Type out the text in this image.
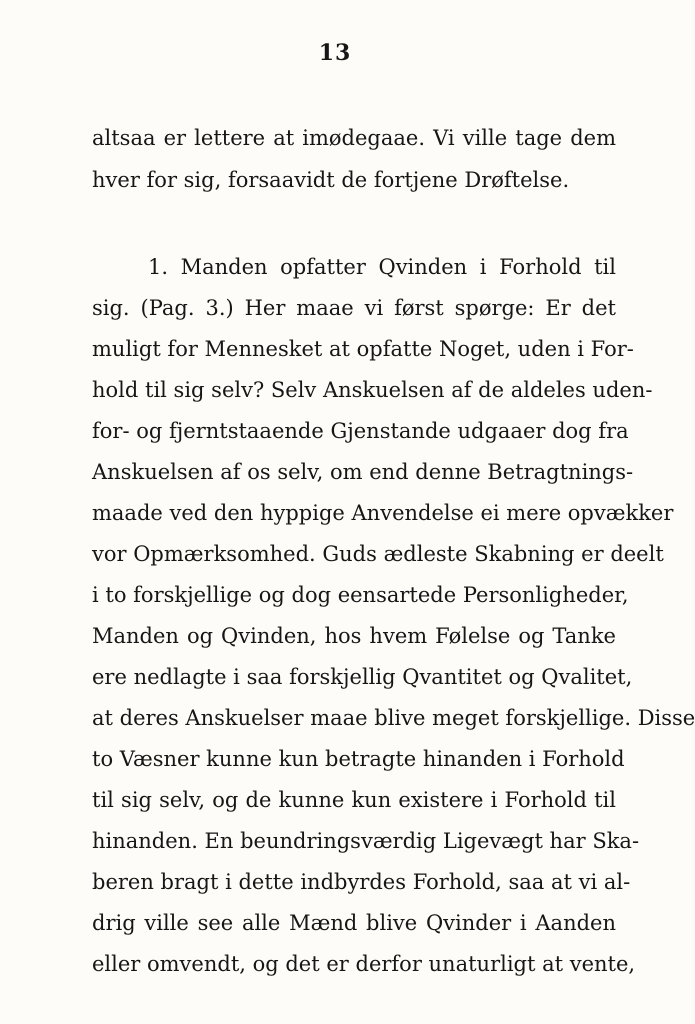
13
altsaa er lettere at imødegaae. Vi ville tage dem
hver for sig, forsaavidt de fortjene Drøftelse.
1. Manden opfatter Qvinden i Forhold til
sig. (Pag. 3.) Her maae vi først spørge: Er det
muligt for Mennesket at opfatte Noget, uden i For-
hold til sig selv? Selv Anskuelsen af de aldeles uden-
for- og fjerntstaaende Gjenstande udgaaer dog fra
Anskuelsen af os selv, om end denne Betragtnings-
maade ved den hyppige Anvendelse ei mere opvækker
vor Opmærksomhed. Guds ædleste Skabning er deelt
i to forskjellige og dog eensartede Personligheder,
Manden og Qvinden, hos hvem Følelse og Tanke
ere nedlagte i saa forskjellig Qvantitet og Qvalitet,
at deres Anskuelser maae blive meget forskjellige. Disse
to Væsner kunne kun betragte hinanden i Forhold
til sig selv, og de kunne kun existere i Forhold til
hinanden. En beundringsværdig Ligevægt har Ska-
beren bragt i dette indbyrdes Forhold, saa at vi al-
drig ville see alle Mænd blive Qvinder i Aanden
eller omvendt, og det er derfor unaturligt at vente,
